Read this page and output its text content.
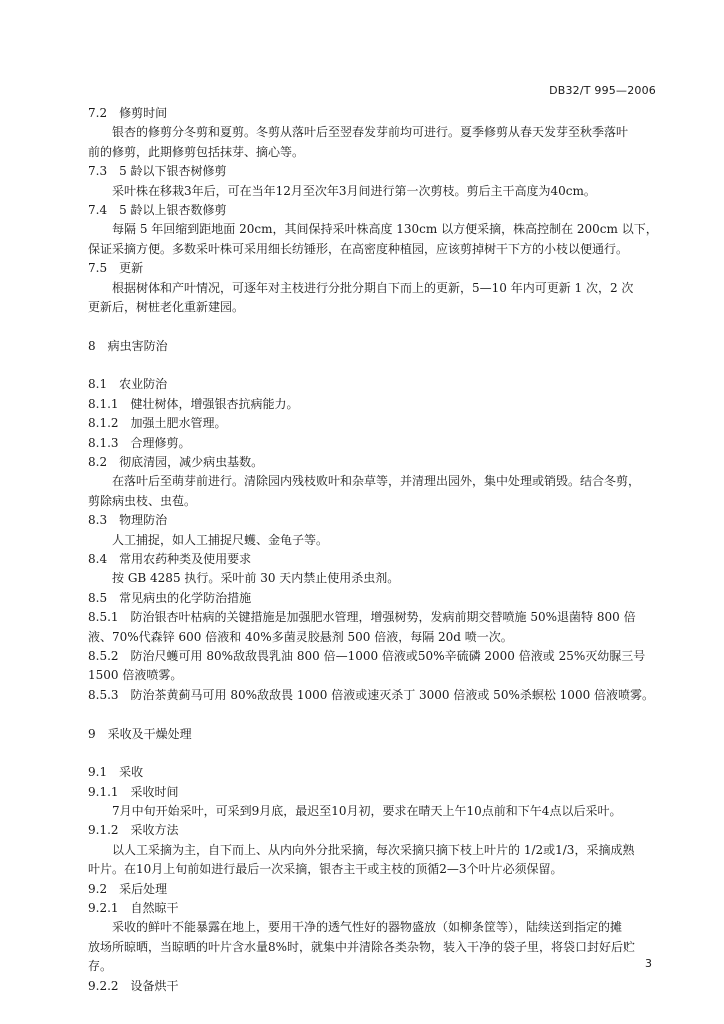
DB32/T 995—2006
7.2 修剪时间
银杏的修剪分冬剪和夏剪。冬剪从落叶后至翌春发芽前均可进行。夏季修剪从春天发芽至秋季落叶
前的修剪，此期修剪包括抹芽、摘心等。
7.3 5 龄以下银杏树修剪
采叶株在移栽3年后，可在当年12月至次年3月间进行第一次剪枝。剪后主干高度为40cm。
7.4 5 龄以上银杏数修剪
每隔 5 年回缩到距地面 20cm，其间保持采叶株高度 130cm 以方便采摘，株高控制在 200cm 以下，
保证采摘方便。多数采叶株可采用细长纺锤形，在高密度种植园，应该剪掉树干下方的小枝以便通行。
7.5 更新
根据树体和产叶情况，可逐年对主枝进行分批分期自下而上的更新，5—10 年内可更新 1 次，2 次
更新后，树桩老化重新建园。
8 病虫害防治
8.1 农业防治
8.1.1 健壮树体，增强银杏抗病能力。
8.1.2 加强土肥水管理。
8.1.3 合理修剪。
8.2 彻底清园，减少病虫基数。
在落叶后至萌芽前进行。清除园内残枝败叶和杂草等，并清理出园外，集中处理或销毁。结合冬剪，
剪除病虫枝、虫苞。
8.3 物理防治
人工捕捉，如人工捕捉尺蠖、金龟子等。
8.4 常用农药种类及使用要求
按 GB 4285 执行。采叶前 30 天内禁止使用杀虫剂。
8.5 常见病虫的化学防治措施
8.5.1 防治银杏叶枯病的关键措施是加强肥水管理，增强树势，发病前期交替喷施 50%退菌特 800 倍
液、70%代森锌 600 倍液和 40%多菌灵胶悬剂 500 倍液，每隔 20d 喷一次。
8.5.2 防治尺蠖可用 80%敌敌畏乳油 800 倍—1000 倍液或50%辛硫磷 2000 倍液或 25%灭幼脲三号
1500 倍液喷雾。
8.5.3 防治茶黄蓟马可用 80%敌敌畏 1000 倍液或速灭杀丁 3000 倍液或 50%杀螟松 1000 倍液喷雾。
9 采收及干燥处理
9.1 采收
9.1.1 采收时间
7月中旬开始采叶，可采到9月底，最迟至10月初，要求在晴天上午10点前和下午4点以后采叶。
9.1.2 采收方法
以人工采摘为主，自下而上、从内向外分批采摘，每次采摘只摘下枝上叶片的 1/2或1/3，采摘成熟
叶片。在10月上旬前如进行最后一次采摘，银杏主干或主枝的顶循2—3个叶片必须保留。
9.2 采后处理
9.2.1 自然晾干
采收的鲜叶不能暴露在地上，要用干净的透气性好的器物盛放（如柳条筐等），陆续送到指定的摊
放场所晾晒，当晾晒的叶片含水量8%时，就集中并清除各类杂物，装入干净的袋子里，将袋口封好后贮
存。
9.2.2 设备烘干
3
